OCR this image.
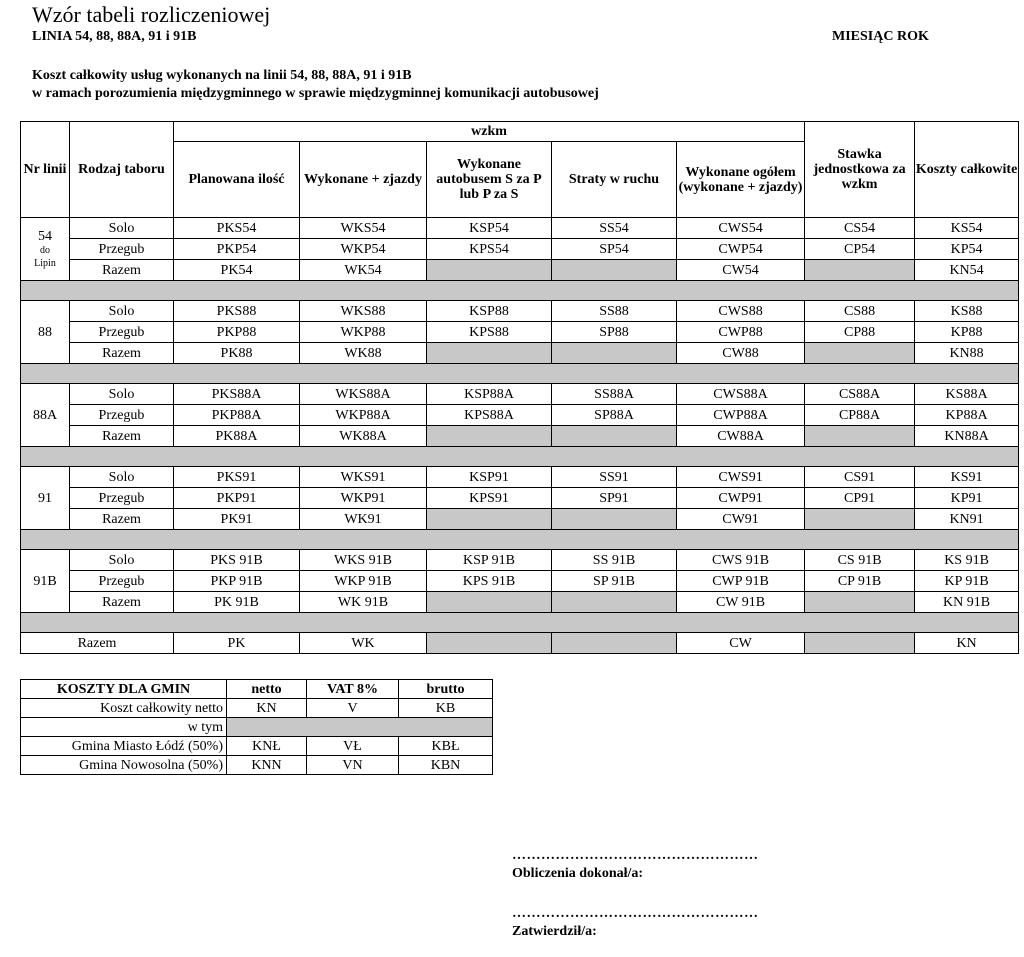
Wzór tabeli rozliczeniowej
LINIA 54, 88, 88A, 91 i 91B	MIESIĄC ROK
Koszt całkowity usług wykonanych na linii 54, 88, 88A, 91 i 91B
w ramach porozumienia międzygminnego w sprawie międzygminnej komunikacji autobusowej
Nr linii	Rodzaj taboru	wzkm					Stawka jednostkowa za wzkm	Koszty całkowite
		Planowana ilość	Wykonane + zjazdy	Wykonane autobusem S za P lub P za S	Straty w ruchu	Wykonane ogółem (wykonane + zjazdy)		
54
do
Lipin	Solo	PKS54	WKS54	KSP54	SS54	CWS54	CS54	KS54
	Przegub	PKP54	WKP54	KPS54	SP54	CWP54	CP54	KP54
	Razem	PK54	WK54			CW54		KN54

88	Solo	PKS88	WKS88	KSP88	SS88	CWS88	CS88	KS88
	Przegub	PKP88	WKP88	KPS88	SP88	CWP88	CP88	KP88
	Razem	PK88	WK88			CW88		KN88

88A	Solo	PKS88A	WKS88A	KSP88A	SS88A	CWS88A	CS88A	KS88A
	Przegub	PKP88A	WKP88A	KPS88A	SP88A	CWP88A	CP88A	KP88A
	Razem	PK88A	WK88A			CW88A		KN88A

91	Solo	PKS91	WKS91	KSP91	SS91	CWS91	CS91	KS91
	Przegub	PKP91	WKP91	KPS91	SP91	CWP91	CP91	KP91
	Razem	PK91	WK91			CW91		KN91

91B	Solo	PKS 91B	WKS 91B	KSP 91B	SS 91B	CWS 91B	CS 91B	KS 91B
	Przegub	PKP 91B	WKP 91B	KPS 91B	SP 91B	CWP 91B	CP 91B	KP 91B
	Razem	PK 91B	WK 91B			CW 91B		KN 91B

Razem		PK	WK			CW		KN
KOSZTY DLA GMIN	netto	VAT 8%	brutto
Koszt całkowity netto	KN	V	KB
w tym			
Gmina Miasto Łódź (50%)	KNŁ	VŁ	KBŁ
Gmina Nowosolna (50%)	KNN	VN	KBN
……………………………………………
Obliczenia dokonał/a:
……………………………………………
Zatwierdził/a:
